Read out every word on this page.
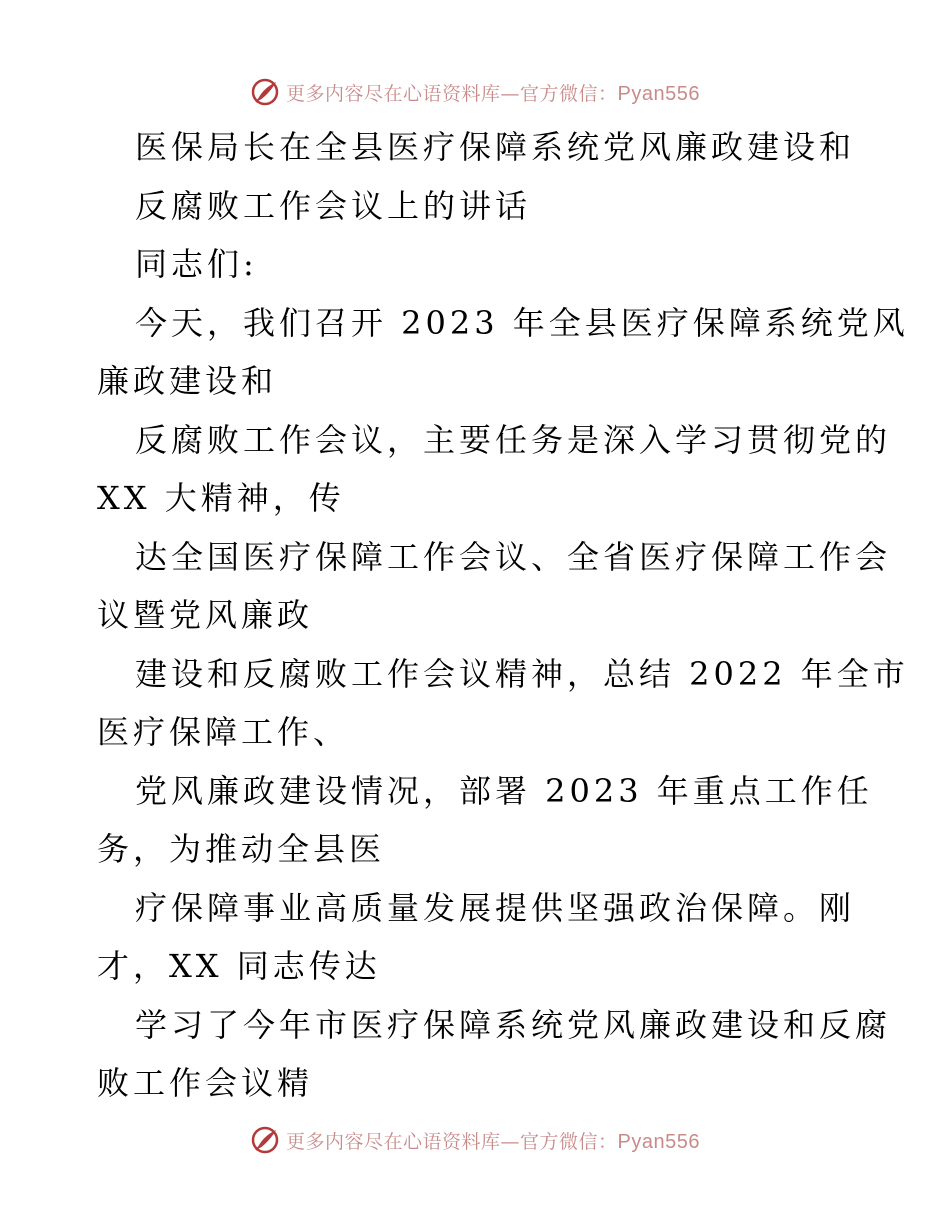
更多内容尽在心语资料库—官方微信：Pyan556
医保局长在全县医疗保障系统党风廉政建设和
反腐败工作会议上的讲话
同志们:
今天，我们召开 2023 年全县医疗保障系统党风
廉政建设和
反腐败工作会议，主要任务是深入学习贯彻党的
XX 大精神，传
达全国医疗保障工作会议、全省医疗保障工作会
议暨党风廉政
建设和反腐败工作会议精神，总结 2022 年全市
医疗保障工作、
党风廉政建设情况，部署 2023 年重点工作任
务，为推动全县医
疗保障事业高质量发展提供坚强政治保障。刚
才，XX 同志传达
学习了今年市医疗保障系统党风廉政建设和反腐
败工作会议精
更多内容尽在心语资料库—官方微信：Pyan556
